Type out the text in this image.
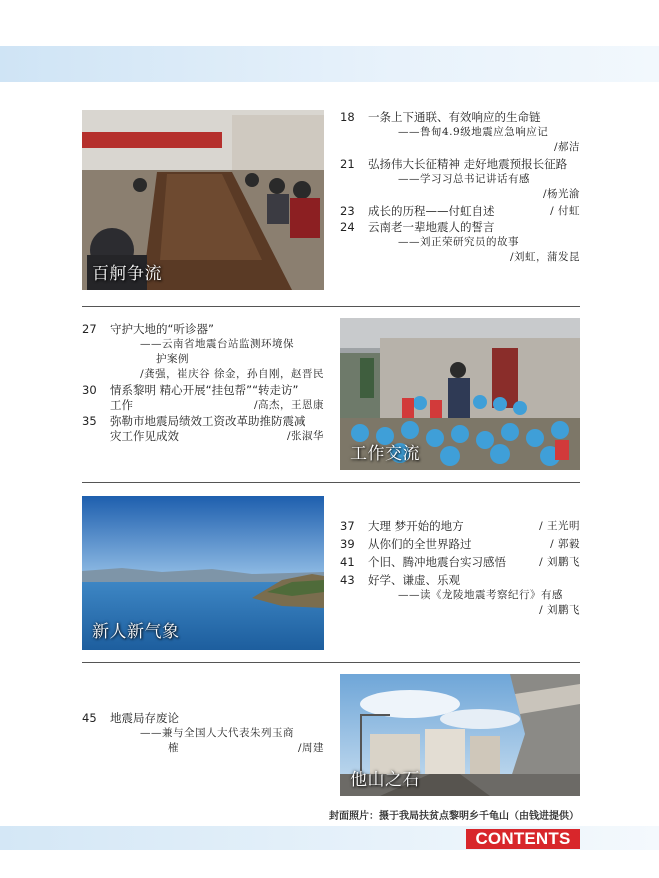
百舸争流
18	一条上下通联、有效响应的生命链
——鲁甸4.9级地震应急响应记
/郝洁
21	弘扬伟大长征精神 走好地震预报长征路
——学习习总书记讲话有感
/杨光渝
23	成长的历程——付虹自述	/ 付虹
24	云南老一辈地震人的誓言
——刘正荣研究员的故事
/刘虹，蒲发昆
27	守护大地的“听诊器”
——云南省地震台站监测环境保
护案例
/龚强，崔庆谷 徐金，孙自刚，赵晋民
30	情系黎明 精心开展“挂包帮”“转走访”
工作	/高杰，王恩康
35	弥勒市地震局绩效工资改革助推防震减
灾工作见成效	/张淑华
工作交流
新人新气象
37	大理 梦开始的地方	/ 王光明
39	从你们的全世界路过	/ 郭毅
41	个旧、腾冲地震台实习感悟	/ 刘鹏飞
43	好学、谦虚、乐观
——读《龙陵地震考察纪行》有感
/ 刘鹏飞
45	地震局存废论
——兼与全国人大代表朱列玉商
榷	/周建
他山之石
封面照片：摄于我局扶贫点黎明乡千龟山（由钱进提供）
CONTENTS
